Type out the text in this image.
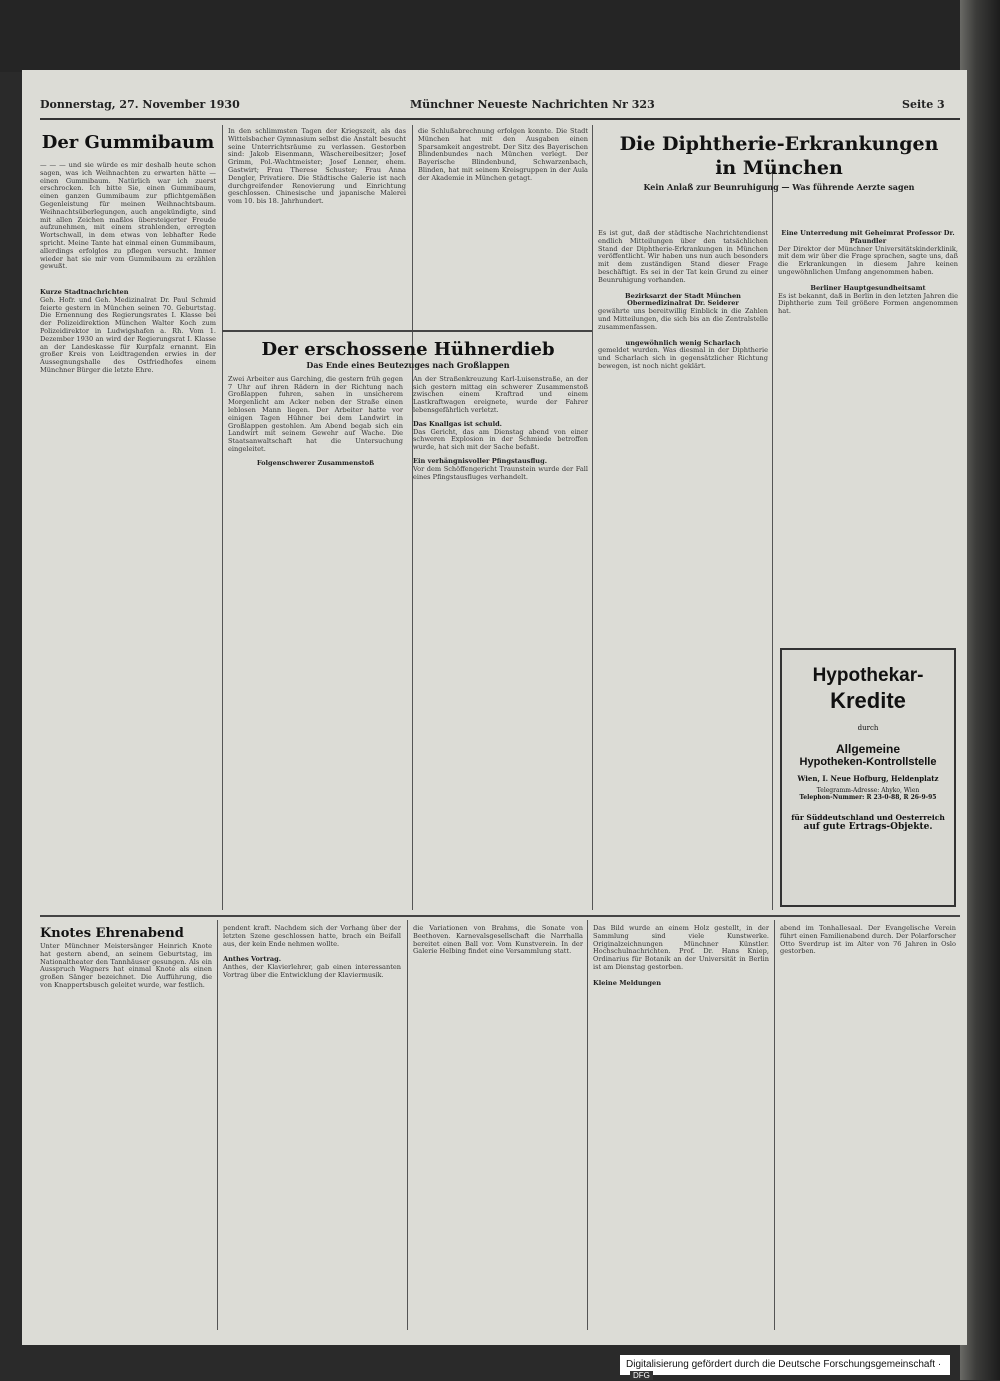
Donnerstag, 27. November 1930	Münchner Neueste Nachrichten Nr 323	Seite 3
Der Gummibaum
— — — und sie würde es mir deshalb heute schon sagen, was ich Weihnachten zu erwarten hätte — einen Gummibaum. Natürlich war ich zuerst erschrocken. Ich bitte Sie, einen Gummibaum, einen ganzen Gummibaum zur pflichtgemäßen Gegenleistung für meinen Weihnachtsbaum. Weihnachtsüberlegungen, auch angekündigte, sind mit allen Zeichen maßlos übersteigerter Freude aufzunehmen, mit einem strahlenden, erregten Wortschwall, in dem etwas von lebhafter Rede spricht. Meine Tante hat einmal einen Gummibaum, allerdings erfolglos zu pflegen versucht. Immer wieder hat sie mir vom Gummibaum zu erzählen gewußt.
Kurze Stadtnachrichten
Geh. Hofr. und Geh. Medizinalrat Dr. Paul Schmid feierte gestern in München seinen 70. Geburtstag. Die Ernennung des Regierungsrates I. Klasse bei der Polizeidirektion München Walter Koch zum Polizeidirektor in Ludwigshafen a. Rh. Vom 1. Dezember 1930 an wird der Regierungsrat I. Klasse an der Landeskasse für Kurpfalz ernannt. Ein großer Kreis von Leidtragenden erwies in der Aussegnungshalle des Ostfriedhofes einem Münchner Bürger die letzte Ehre.
In den schlimmsten Tagen der Kriegszeit, als das Wittelsbacher Gymnasium selbst die Anstalt besucht seine Unterrichtsräume zu verlassen. Gestorben sind: Jakob Eisenmann, Wäschereibesitzer; Josef Grimm, Pol.-Wachtmeister; Josef Lenner, ehem. Gastwirt; Frau Therese Schuster; Frau Anna Dengler, Privatiere. Die Städtische Galerie ist nach durchgreifender Renovierung und Einrichtung geschlossen. Chinesische und japanische Malerei vom 10. bis 18. Jahrhundert.
die Schlußabrechnung erfolgen konnte. Die Stadt München hat mit den Ausgaben einen Sparsamkeit angestrebt. Der Sitz des Bayerischen Blindenbundes nach München verlegt. Der Bayerische Blindenbund, Schwarzenbach, Blinden, hat mit seinem Kreisgruppen in der Aula der Akademie in München getagt.
Der erschossene Hühnerdieb
Das Ende eines Beutezuges nach Großlappen
Zwei Arbeiter aus Garching, die gestern früh gegen 7 Uhr auf ihren Rädern in der Richtung nach Großlappen fuhren, sahen in unsicherem Morgenlicht am Acker neben der Straße einen leblosen Mann liegen. Der Arbeiter hatte vor einigen Tagen Hühner bei dem Landwirt in Großlappen gestohlen. Am Abend begab sich ein Landwirt mit seinem Gewehr auf Wache. Die Staatsanwaltschaft hat die Untersuchung eingeleitet.
Folgenschwerer Zusammenstoß
An der Straßenkreuzung Karl-Luisenstraße, an der sich gestern mittag ein schwerer Zusammenstoß zwischen einem Kraftrad und einem Lastkraftwagen ereignete, wurde der Fahrer lebensgefährlich verletzt.
Das Knallgas ist schuld.
Das Gericht, das am Dienstag abend von einer schweren Explosion in der Schmiede betroffen wurde, hat sich mit der Sache befaßt.
Ein verhängnisvoller Pfingstausflug.
Vor dem Schöffengericht Traunstein wurde der Fall eines Pfingstausfluges verhandelt.
Die Diphtherie-Erkrankungen
in München
Kein Anlaß zur Beunruhigung — Was führende Aerzte sagen
Es ist gut, daß der städtische Nachrichtendienst endlich Mitteilungen über den tatsächlichen Stand der Diphtherie-Erkrankungen in München veröffentlicht. Wir haben uns nun auch besonders mit dem zuständigen Stand dieser Frage beschäftigt. Es sei in der Tat kein Grund zu einer Beunruhigung vorhanden.
Bezirksarzt der Stadt München Obermedizinalrat Dr. Seiderer
gewährte uns bereitwillig Einblick in die Zahlen und Mitteilungen, die sich bis an die Zentralstelle zusammenfassen.
ungewöhnlich wenig Scharlach
gemeldet wurden. Was diesmal in der Diphtherie und Scharlach sich in gegensätzlicher Richtung bewegen, ist noch nicht geklärt.
Eine Unterredung mit Geheimrat Professor Dr. Pfaundler
Der Direktor der Münchner Universitätskinderklinik, mit dem wir über die Frage sprachen, sagte uns, daß die Erkrankungen in diesem Jahre keinen ungewöhnlichen Umfang angenommen haben.
Berliner Hauptgesundheitsamt
Es ist bekannt, daß in Berlin in den letzten Jahren die Diphtherie zum Teil größere Formen angenommen hat.
Hypothekar-
Kredite
durch
Allgemeine
Hypotheken-Kontrollstelle
Wien, I. Neue Hofburg, Heldenplatz
Telegramm-Adresse: Ahyko, Wien
Telephon-Nummer: R 23-0-88, R 26-9-95
für Süddeutschland und Oesterreich
auf gute Ertrags-Objekte.
Knotes Ehrenabend
Unter Münchner Meistersänger Heinrich Knote hat gestern abend, an seinem Geburtstag, im Nationaltheater den Tannhäuser gesungen. Als ein Ausspruch Wagners hat einmal Knote als einen großen Sänger bezeichnet. Die Aufführung, die von Knappertsbusch geleitet wurde, war festlich.
pendent kraft. Nachdem sich der Vorhang über der letzten Szene geschlossen hatte, brach ein Beifall aus, der kein Ende nehmen wollte.
Anthes Vortrag.
Anthes, der Klavierlehrer, gab einen interessanten Vortrag über die Entwicklung der Klaviermusik.
die Variationen von Brahms, die Sonate von Beethoven. Karnevalsgesellschaft die Narrhalla bereitet einen Ball vor. Vom Kunstverein. In der Galerie Helbing findet eine Versammlung statt.
Das Bild wurde an einem Holz gestellt, in der Sammlung sind viele Kunstwerke. Originalzeichnungen Münchner Künstler. Hochschulnachrichten. Prof. Dr. Hans Kniep, Ordinarius für Botanik an der Universität in Berlin ist am Dienstag gestorben.
Kleine Meldungen
abend im Tonhallesaal. Der Evangelische Verein führt einen Familienabend durch. Der Polarforscher Otto Sverdrup ist im Alter von 76 Jahren in Oslo gestorben.
Digitalisierung gefördert durch die Deutsche Forschungsgemeinschaft · DFG
